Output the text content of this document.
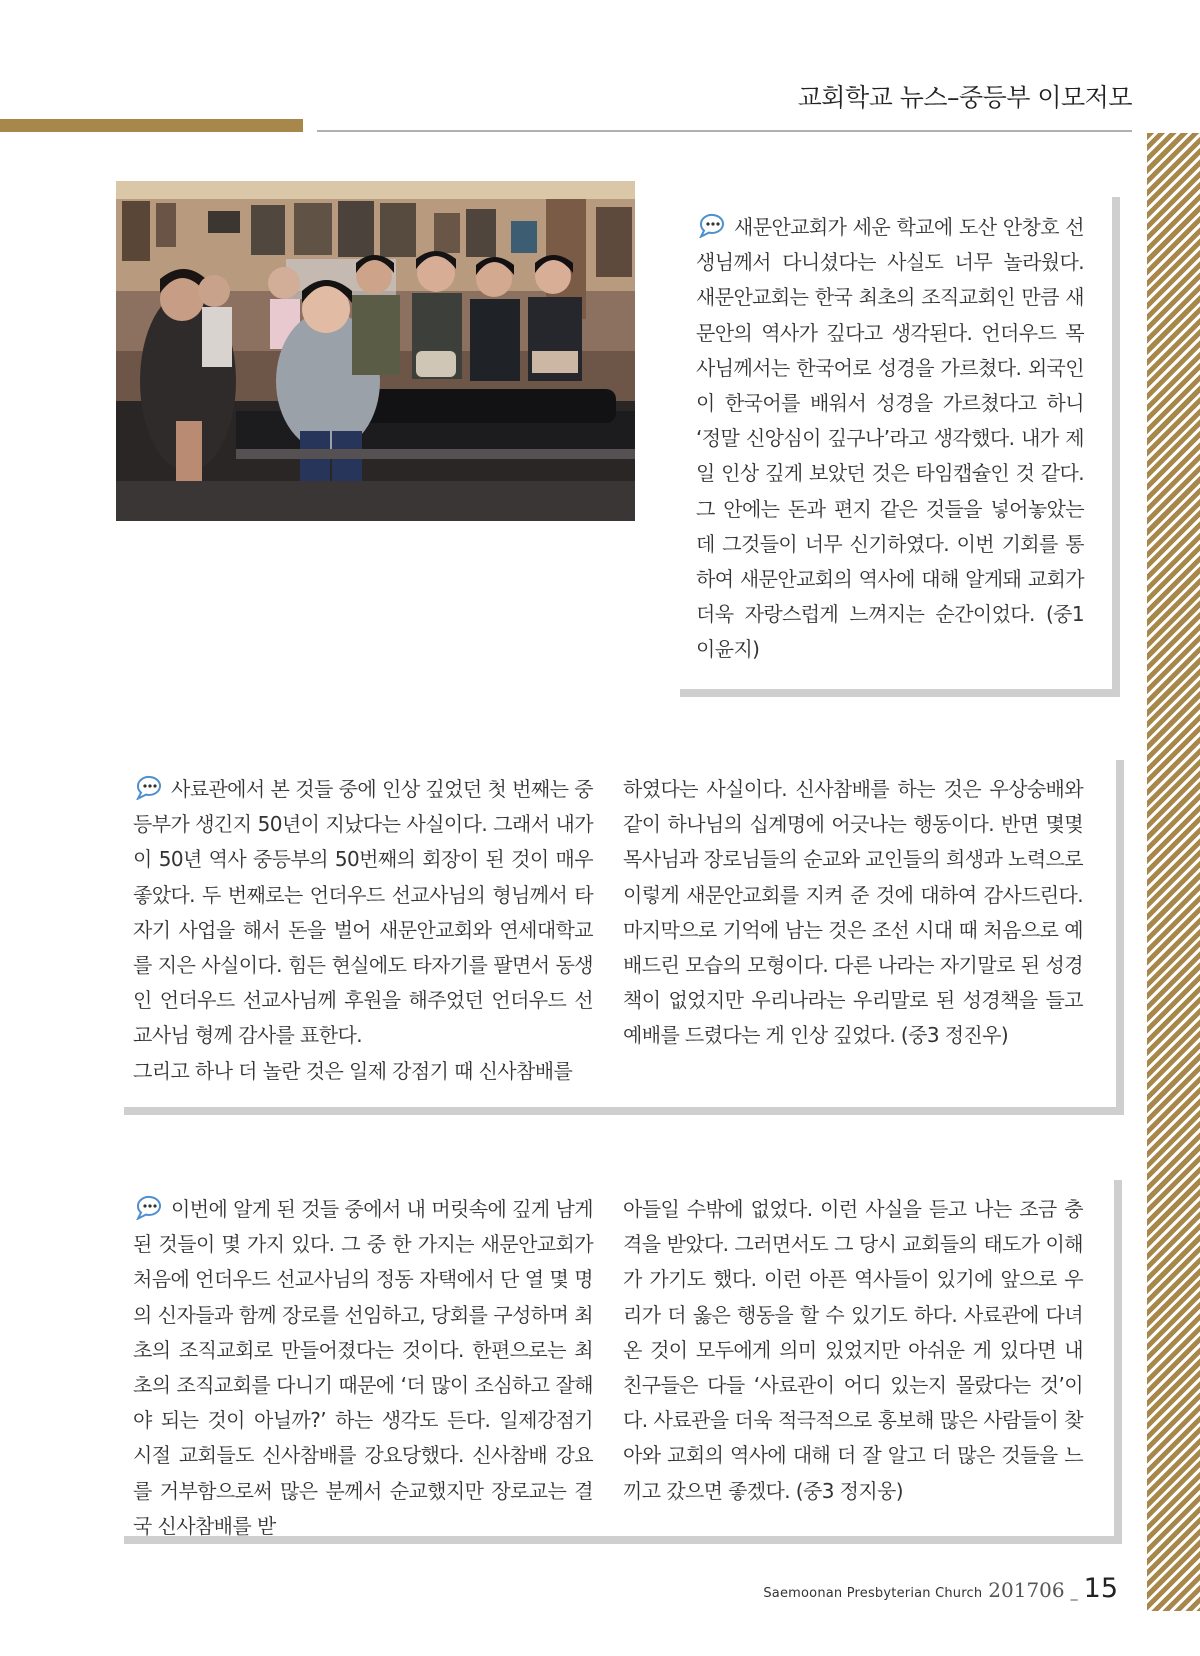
교회학교 뉴스–중등부 이모저모

새문안교회가 세운 학교에 도산 안창호 선생님께서 다니셨다는 사실도 너무 놀라웠다. 새문안교회는 한국 최초의 조직교회인 만큼 새문안의 역사가 깊다고 생각된다. 언더우드 목사님께서는 한국어로 성경을 가르쳤다. 외국인이 한국어를 배워서 성경을 가르쳤다고 하니 ‘정말 신앙심이 깊구나’라고 생각했다. 내가 제일 인상 깊게 보았던 것은 타임캡슐인 것 같다. 그 안에는 돈과 편지 같은 것들을 넣어놓았는데 그것들이 너무 신기하였다. 이번 기회를 통하여 새문안교회의 역사에 대해 알게돼 교회가 더욱 자랑스럽게 느껴지는 순간이었다. (중1 이윤지)

사료관에서 본 것들 중에 인상 깊었던 첫 번째는 중등부가 생긴지 50년이 지났다는 사실이다. 그래서 내가 이 50년 역사 중등부의 50번째의 회장이 된 것이 매우 좋았다. 두 번째로는 언더우드 선교사님의 형님께서 타자기 사업을 해서 돈을 벌어 새문안교회와 연세대학교를 지은 사실이다. 힘든 현실에도 타자기를 팔면서 동생인 언더우드 선교사님께 후원을 해주었던 언더우드 선교사님 형께 감사를 표한다.

그리고 하나 더 놀란 것은 일제 강점기 때 신사참배를

하였다는 사실이다. 신사참배를 하는 것은 우상숭배와 같이 하나님의 십계명에 어긋나는 행동이다. 반면 몇몇 목사님과 장로님들의 순교와 교인들의 희생과 노력으로 이렇게 새문안교회를 지켜 준 것에 대하여 감사드린다. 마지막으로 기억에 남는 것은 조선 시대 때 처음으로 예배드린 모습의 모형이다. 다른 나라는 자기말로 된 성경책이 없었지만 우리나라는 우리말로 된 성경책을 들고 예배를 드렸다는 게 인상 깊었다. (중3 정진우)

이번에 알게 된 것들 중에서 내 머릿속에 깊게 남게 된 것들이 몇 가지 있다. 그 중 한 가지는 새문안교회가 처음에 언더우드 선교사님의 정동 자택에서 단 열 몇 명의 신자들과 함께 장로를 선임하고, 당회를 구성하며 최초의 조직교회로 만들어졌다는 것이다. 한편으로는 최초의 조직교회를 다니기 때문에 ‘더 많이 조심하고 잘해야 되는 것이 아닐까?’ 하는 생각도 든다. 일제강점기 시절 교회들도 신사참배를 강요당했다. 신사참배 강요를 거부함으로써 많은 분께서 순교했지만 장로교는 결국 신사참배를 받

아들일 수밖에 없었다. 이런 사실을 듣고 나는 조금 충격을 받았다. 그러면서도 그 당시 교회들의 태도가 이해가 가기도 했다. 이런 아픈 역사들이 있기에 앞으로 우리가 더 옳은 행동을 할 수 있기도 하다. 사료관에 다녀온 것이 모두에게 의미 있었지만 아쉬운 게 있다면 내 친구들은 다들 ‘사료관이 어디 있는지 몰랐다는 것’이다. 사료관을 더욱 적극적으로 홍보해 많은 사람들이 찾아와 교회의 역사에 대해 더 잘 알고 더 많은 것들을 느끼고 갔으면 좋겠다. (중3 정지웅)

Saemoonan Presbyterian Church 201706 _ 15
